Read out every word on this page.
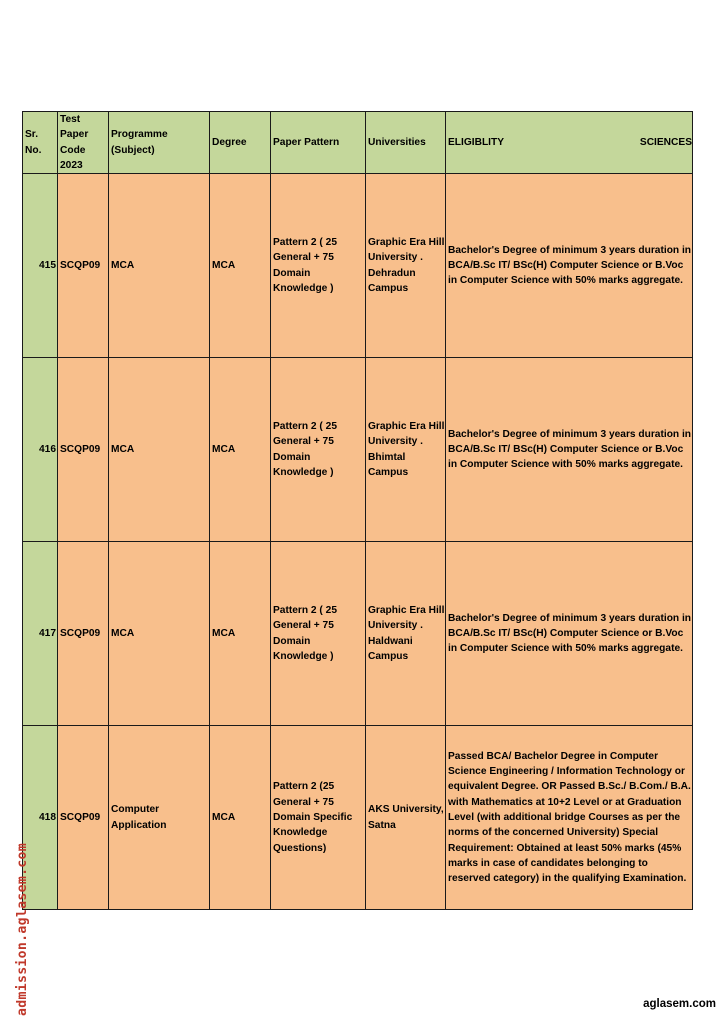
Sr. No.	Test Paper Code 2023	Programme (Subject)	Degree	Paper Pattern	Universities	ELIGIBLITY SCIENCES

415	SCQP09	MCA	MCA	Pattern 2 ( 25 General + 75 Domain Knowledge )	Graphic Era Hill University . Dehradun Campus	Bachelor's Degree of minimum 3 years duration in BCA/B.Sc IT/ BSc(H) Computer Science or B.Voc in Computer Science with 50% marks aggregate.
416	SCQP09	MCA	MCA	Pattern 2 ( 25 General + 75 Domain Knowledge )	Graphic Era Hill University . Bhimtal Campus	Bachelor's Degree of minimum 3 years duration in BCA/B.Sc IT/ BSc(H) Computer Science or B.Voc in Computer Science with 50% marks aggregate.
417	SCQP09	MCA	MCA	Pattern 2 ( 25 General + 75 Domain Knowledge )	Graphic Era Hill University . Haldwani Campus	Bachelor's Degree of minimum 3 years duration in BCA/B.Sc IT/ BSc(H) Computer Science or B.Voc in Computer Science with 50% marks aggregate.
418	SCQP09	Computer Application	MCA	Pattern 2 (25 General + 75 Domain Specific Knowledge Questions)	AKS University, Satna	Passed BCA/ Bachelor Degree in Computer Science Engineering / Information Technology or equivalent Degree. OR Passed B.Sc./ B.Com./ B.A. with Mathematics at 10+2 Level or at Graduation Level (with additional bridge Courses as per the norms of the concerned University) Special Requirement: Obtained at least 50% marks (45% marks in case of candidates belonging to reserved category) in the qualifying Examination.
admission.aglasem.com	aglasem.com
